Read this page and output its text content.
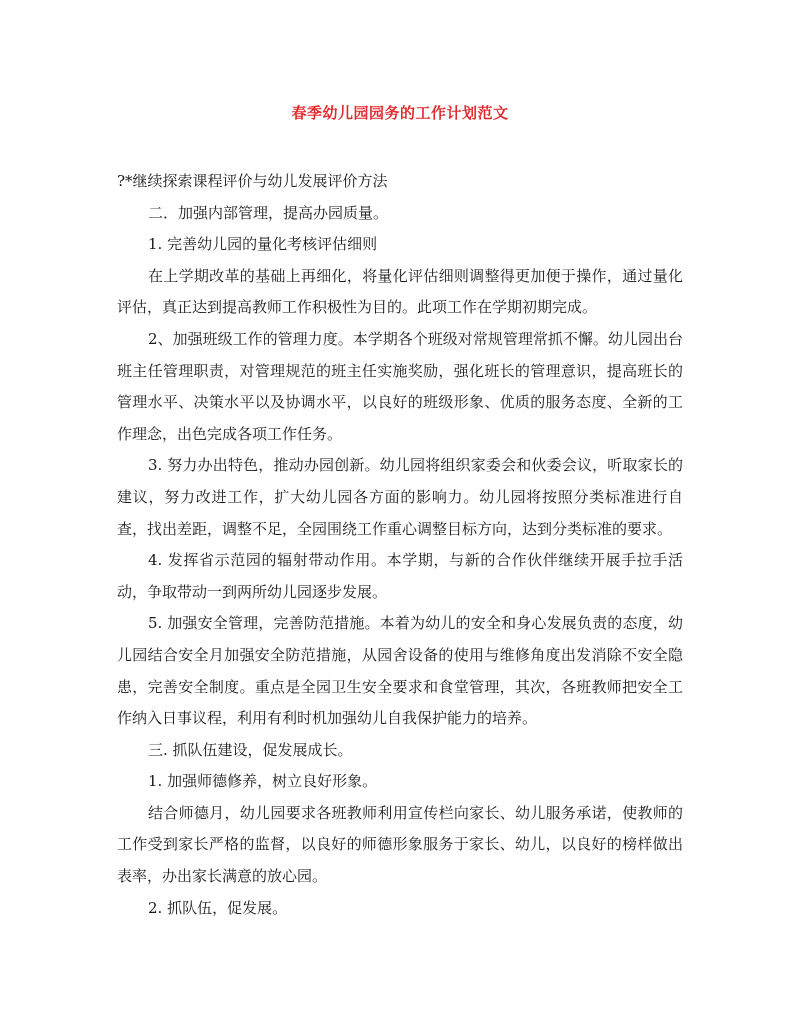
春季幼儿园园务的工作计划范文

?*继续探索课程评价与幼儿发展评价方法

二．加强内部管理，提高办园质量。

1. 完善幼儿园的量化考核评估细则

在上学期改革的基础上再细化，将量化评估细则调整得更加便于操作，通过量化评估，真正达到提高教师工作积极性为目的。此项工作在学期初期完成。

2、加强班级工作的管理力度。本学期各个班级对常规管理常抓不懈。幼儿园出台班主任管理职责，对管理规范的班主任实施奖励，强化班长的管理意识，提高班长的管理水平、决策水平以及协调水平，以良好的班级形象、优质的服务态度、全新的工作理念，出色完成各项工作任务。

3. 努力办出特色，推动办园创新。幼儿园将组织家委会和伙委会议，听取家长的建议，努力改进工作，扩大幼儿园各方面的影响力。幼儿园将按照分类标准进行自查，找出差距，调整不足，全园围绕工作重心调整目标方向，达到分类标准的要求。

4. 发挥省示范园的辐射带动作用。本学期，与新的合作伙伴继续开展手拉手活动，争取带动一到两所幼儿园逐步发展。

5. 加强安全管理，完善防范措施。本着为幼儿的安全和身心发展负责的态度，幼儿园结合安全月加强安全防范措施，从园舍设备的使用与维修角度出发消除不安全隐患，完善安全制度。重点是全园卫生安全要求和食堂管理，其次，各班教师把安全工作纳入日事议程，利用有利时机加强幼儿自我保护能力的培养。

三. 抓队伍建设，促发展成长。

1. 加强师德修养，树立良好形象。

结合师德月，幼儿园要求各班教师利用宣传栏向家长、幼儿服务承诺，使教师的工作受到家长严格的监督，以良好的师德形象服务于家长、幼儿，以良好的榜样做出表率，办出家长满意的放心园。

2. 抓队伍，促发展。
